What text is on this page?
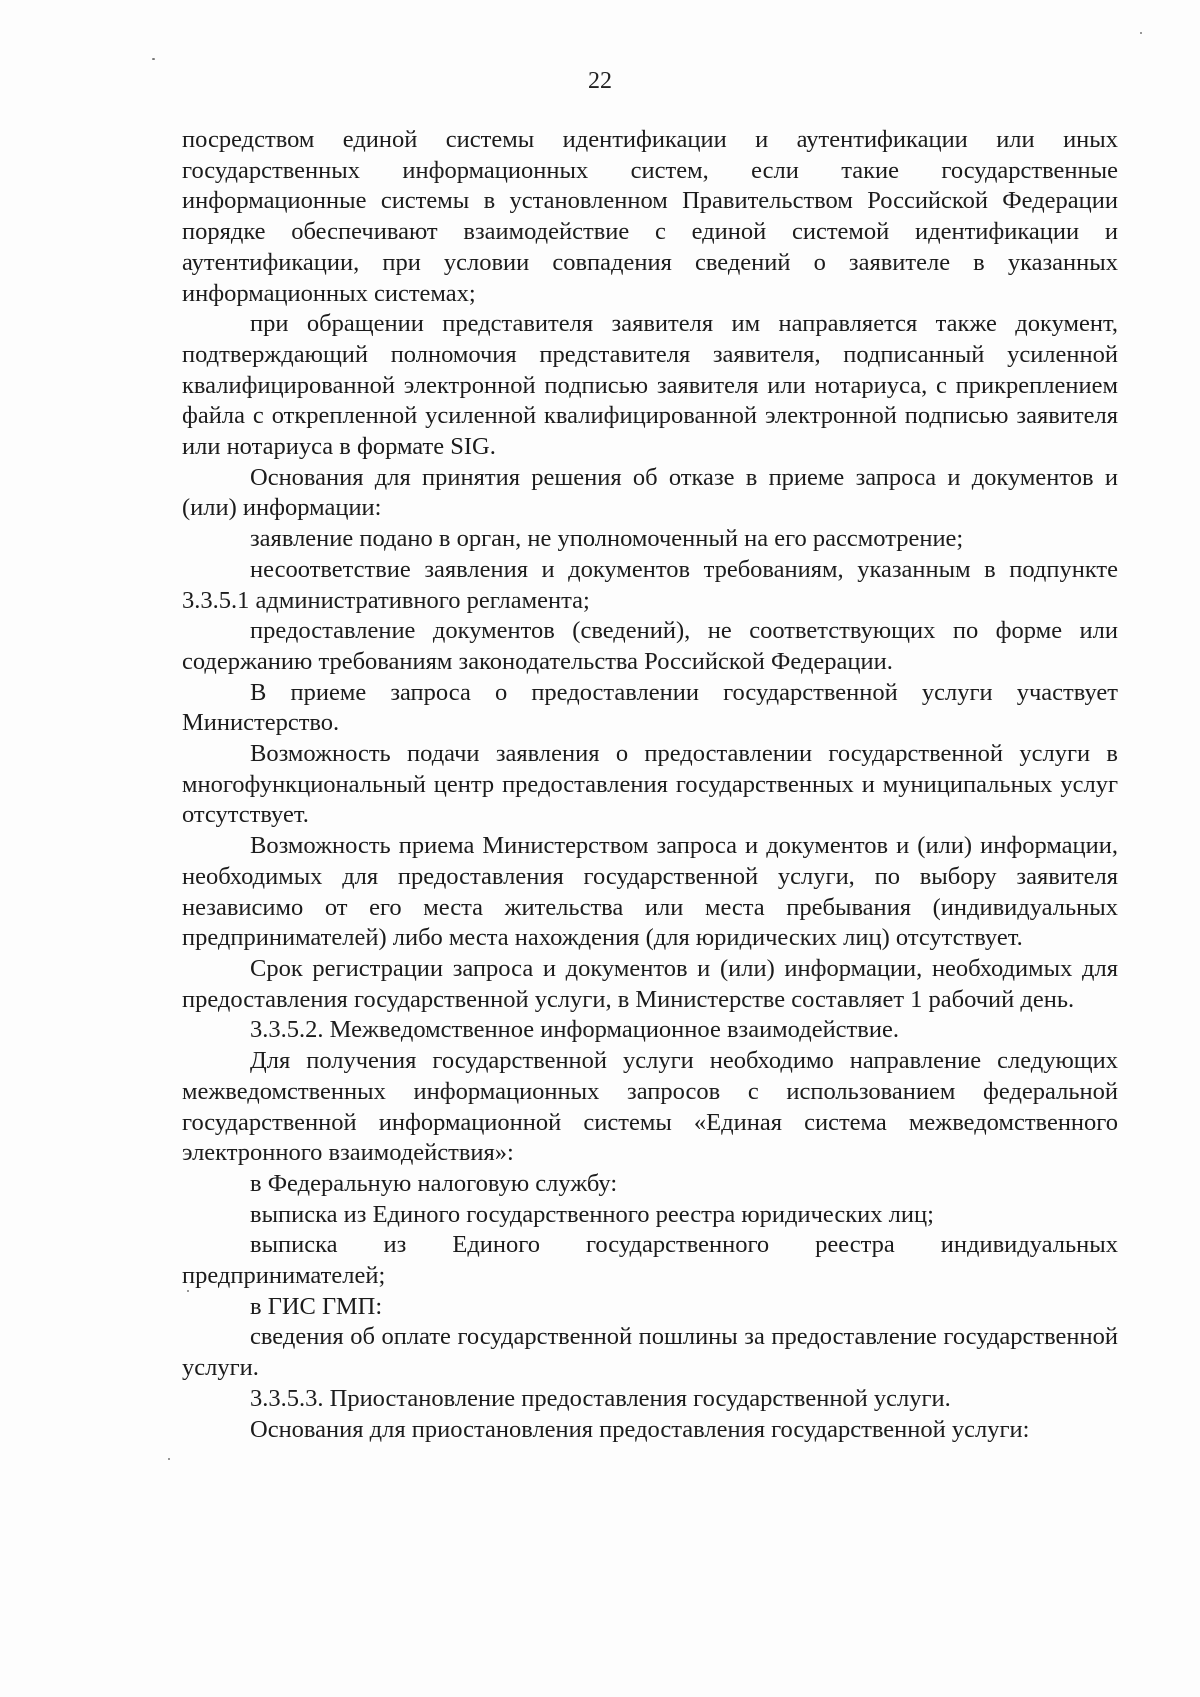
22

посредством единой системы идентификации и аутентификации или иных государственных информационных систем, если такие государственные информационные системы в установленном Правительством Российской Федерации порядке обеспечивают взаимодействие с единой системой идентификации и аутентификации, при условии совпадения сведений о заявителе в указанных информационных системах;

при обращении представителя заявителя им направляется также документ, подтверждающий полномочия представителя заявителя, подписанный усиленной квалифицированной электронной подписью заявителя или нотариуса, с прикреплением файла с открепленной усиленной квалифицированной электронной подписью заявителя или нотариуса в формате SIG.

Основания для принятия решения об отказе в приеме запроса и документов и (или) информации:

заявление подано в орган, не уполномоченный на его рассмотрение;

несоответствие заявления и документов требованиям, указанным в подпункте 3.3.5.1 административного регламента;

предоставление документов (сведений), не соответствующих по форме или содержанию требованиям законодательства Российской Федерации.

В приеме запроса о предоставлении государственной услуги участвует Министерство.

Возможность подачи заявления о предоставлении государственной услуги в многофункциональный центр предоставления государственных и муниципальных услуг отсутствует.

Возможность приема Министерством запроса и документов и (или) информации, необходимых для предоставления государственной услуги, по выбору заявителя независимо от его места жительства или места пребывания (индивидуальных предпринимателей) либо места нахождения (для юридических лиц) отсутствует.

Срок регистрации запроса и документов и (или) информации, необходимых для предоставления государственной услуги, в Министерстве составляет 1 рабочий день.

3.3.5.2. Межведомственное информационное взаимодействие.

Для получения государственной услуги необходимо направление следующих межведомственных информационных запросов с использованием федеральной государственной информационной системы «Единая система межведомственного электронного взаимодействия»:

в Федеральную налоговую службу:

выписка из Единого государственного реестра юридических лиц;

выписка из Единого государственного реестра индивидуальных предпринимателей;

в ГИС ГМП:

сведения об оплате государственной пошлины за предоставление государственной услуги.

3.3.5.3. Приостановление предоставления государственной услуги.

Основания для приостановления предоставления государственной услуги:
